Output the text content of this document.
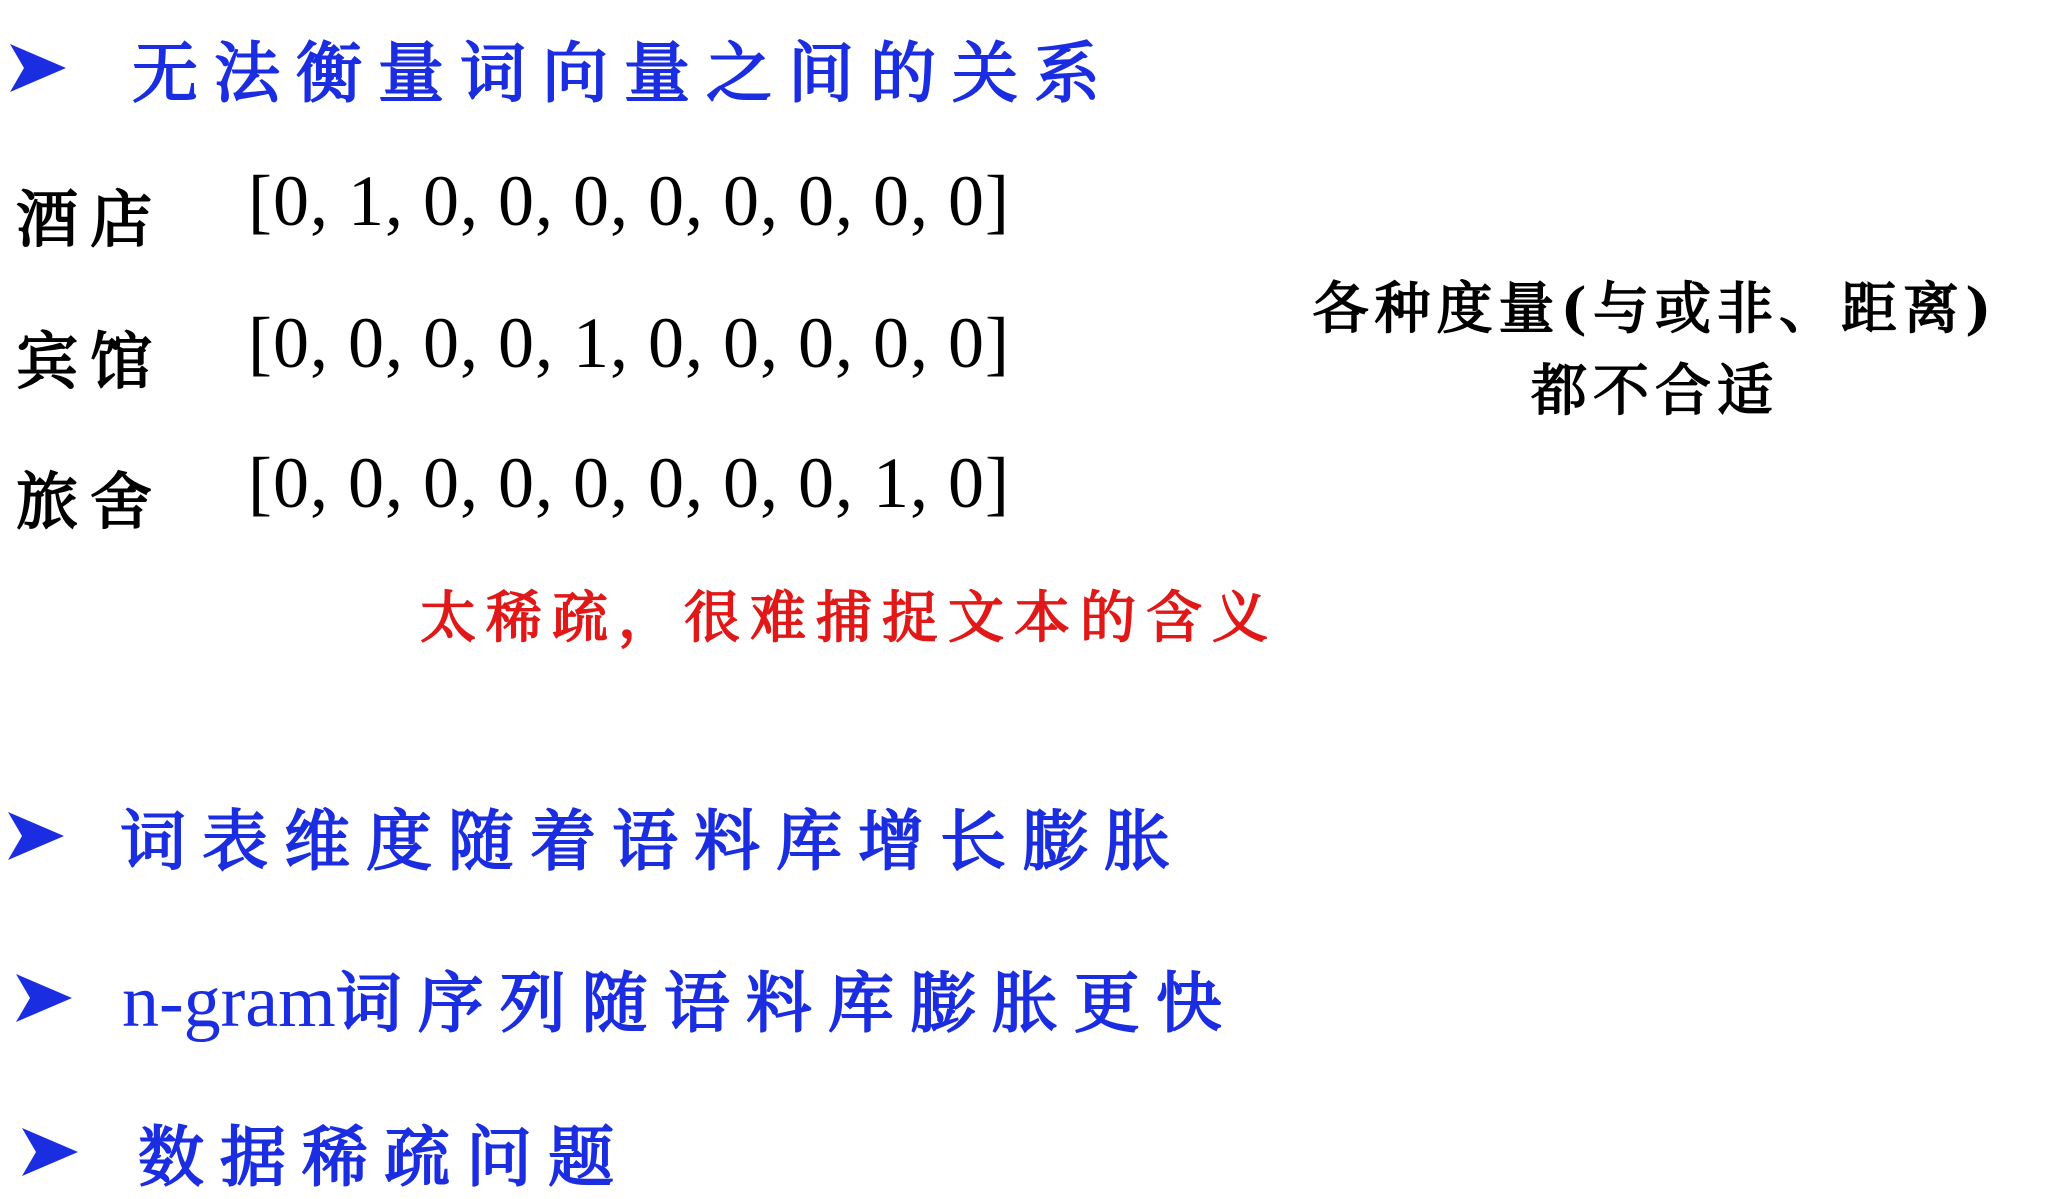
无法衡量词向量之间的关系
酒店 [0, 1, 0, 0, 0, 0, 0, 0, 0, 0]
宾馆 [0, 0, 0, 0, 1, 0, 0, 0, 0, 0]
旅舍 [0, 0, 0, 0, 0, 0, 0, 0, 1, 0]
各种度量(与或非、距离)
都不合适
太稀疏，很难捕捉文本的含义
词表维度随着语料库增长膨胀
n-gram词序列随语料库膨胀更快
数据稀疏问题
